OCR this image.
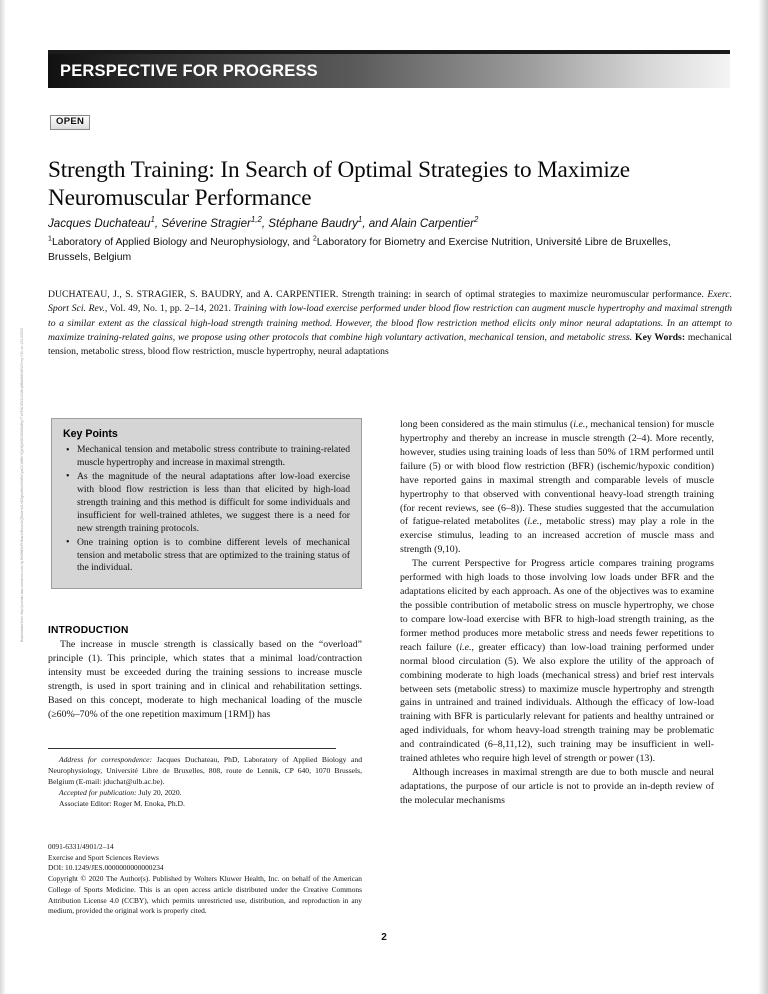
Downloaded from http://journals.lww.com/acsm-essr by BhDMf5ePHKav1zEoum1tQfN4a+kJLhEZgbsIHo4XMi0hCywCX1AWnYQp/IlQrHD3i3D0OdRyi7TvSFl4Cf3VC4/OAVpDDa8KKGKV0Ymy+78= on 12/12/2020
PERSPECTIVE FOR PROGRESS
OPEN
Strength Training: In Search of Optimal Strategies to Maximize Neuromuscular Performance
Jacques Duchateau$^1$, Séverine Stragier$^{1,2}$, Stéphane Baudry$^1$, and Alain Carpentier$^2$
$^1$Laboratory of Applied Biology and Neurophysiology, and $^2$Laboratory for Biometry and Exercise Nutrition, Université Libre de Bruxelles, Brussels, Belgium
DUCHATEAU, J., S. STRAGIER, S. BAUDRY, and A. CARPENTIER. Strength training: in search of optimal strategies to maximize neuromuscular performance. Exerc. Sport Sci. Rev., Vol. 49, No. 1, pp. 2–14, 2021. Training with low-load exercise performed under blood flow restriction can augment muscle hypertrophy and maximal strength to a similar extent as the classical high-load strength training method. However, the blood flow restriction method elicits only minor neural adaptations. In an attempt to maximize training-related gains, we propose using other protocols that combine high voluntary activation, mechanical tension, and metabolic stress. Key Words: mechanical tension, metabolic stress, blood flow restriction, muscle hypertrophy, neural adaptations
Key Points
• Mechanical tension and metabolic stress contribute to training-related muscle hypertrophy and increase in maximal strength.
• As the magnitude of the neural adaptations after low-load exercise with blood flow restriction is less than that elicited by high-load strength training and this method is difficult for some individuals and insufficient for well-trained athletes, we suggest there is a need for new strength training protocols.
• One training option is to combine different levels of mechanical tension and metabolic stress that are optimized to the training status of the individual.
INTRODUCTION

The increase in muscle strength is classically based on the “overload” principle (1). This principle, which states that a minimal load/contraction intensity must be exceeded during the training sessions to increase muscle strength, is used in sport training and in clinical and rehabilitation settings. Based on this concept, moderate to high mechanical loading of the muscle (≥60%–70% of the one repetition maximum [1RM]) has

Address for correspondence: Jacques Duchateau, PhD, Laboratory of Applied Biology and Neurophysiology, Université Libre de Bruxelles, 808, route de Lennik, CP 640, 1070 Brussels, Belgium (E-mail: jduchat@ulb.ac.be).

Accepted for publication: July 20, 2020.

Associate Editor: Roger M. Enoka, Ph.D.

0091-6331/4901/2–14

Exercise and Sport Sciences Reviews

DOI: 10.1249/JES.0000000000000234

Copyright © 2020 The Author(s). Published by Wolters Kluwer Health, Inc. on behalf of the American College of Sports Medicine. This is an open access article distributed under the Creative Commons Attribution License 4.0 (CCBY), which permits unrestricted use, distribution, and reproduction in any medium, provided the original work is properly cited.

long been considered as the main stimulus (i.e., mechanical tension) for muscle hypertrophy and thereby an increase in muscle strength (2–4). More recently, however, studies using training loads of less than 50% of 1RM performed until failure (5) or with blood flow restriction (BFR) (ischemic/hypoxic condition) have reported gains in maximal strength and comparable levels of muscle hypertrophy to that observed with conventional heavy-load strength training (for recent reviews, see (6–8)). These studies suggested that the accumulation of fatigue-related metabolites (i.e., metabolic stress) may play a role in the exercise stimulus, leading to an increased accretion of muscle mass and strength (9,10).

The current Perspective for Progress article compares training programs performed with high loads to those involving low loads under BFR and the adaptations elicited by each approach. As one of the objectives was to examine the possible contribution of metabolic stress on muscle hypertrophy, we chose to compare low-load exercise with BFR to high-load strength training, as the former method produces more metabolic stress and needs fewer repetitions to reach failure (i.e., greater efficacy) than low-load training performed under normal blood circulation (5). We also explore the utility of the approach of combining moderate to high loads (mechanical stress) and brief rest intervals between sets (metabolic stress) to maximize muscle hypertrophy and strength gains in untrained and trained individuals. Although the efficacy of low-load training with BFR is particularly relevant for patients and healthy untrained or aged individuals, for whom heavy-load strength training may be problematic and contraindicated (6–8,11,12), such training may be insufficient in well-trained athletes who require high level of strength or power (13).

Although increases in maximal strength are due to both muscle and neural adaptations, the purpose of our article is not to provide an in-depth review of the molecular mechanisms

2
